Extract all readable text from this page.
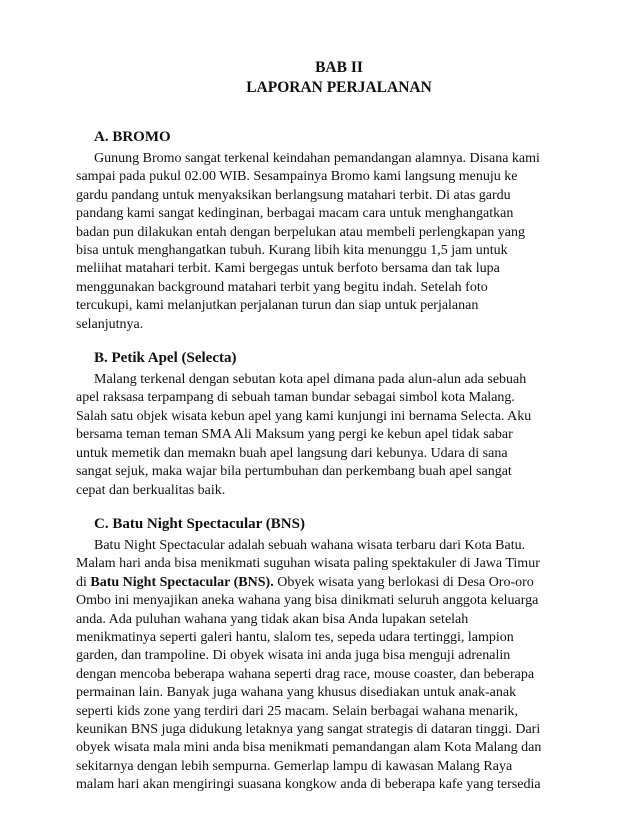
BAB II
LAPORAN PERJALANAN
A. BROMO
Gunung Bromo sangat terkenal keindahan pemandangan alamnya. Disana kami
sampai pada pukul 02.00 WIB. Sesampainya Bromo kami langsung menuju ke
gardu pandang untuk menyaksikan berlangsung matahari terbit. Di atas gardu
pandang kami sangat kedinginan, berbagai macam cara untuk menghangatkan
badan pun dilakukan entah dengan berpelukan atau membeli perlengkapan yang
bisa untuk menghangatkan tubuh. Kurang libih kita menunggu 1,5 jam untuk
meliihat matahari terbit. Kami bergegas untuk berfoto bersama dan tak lupa
menggunakan background matahari terbit yang begitu indah. Setelah foto
tercukupi, kami melanjutkan perjalanan turun dan siap untuk perjalanan
selanjutnya.
B. Petik Apel (Selecta)
Malang terkenal dengan sebutan kota apel dimana pada alun-alun ada sebuah
apel raksasa terpampang di sebuah taman bundar sebagai simbol kota Malang.
Salah satu objek wisata kebun apel yang kami kunjungi ini bernama Selecta. Aku
bersama teman teman SMA Ali Maksum yang pergi ke kebun apel tidak sabar
untuk memetik dan memakn buah apel langsung dari kebunya. Udara di sana
sangat sejuk, maka wajar bila pertumbuhan dan perkembang buah apel sangat
cepat dan berkualitas baik.
C. Batu Night Spectacular (BNS)
Batu Night Spectacular adalah sebuah wahana wisata terbaru dari Kota Batu.
Malam hari anda bisa menikmati suguhan wisata paling spektakuler di Jawa Timur
di Batu Night Spectacular (BNS). Obyek wisata yang berlokasi di Desa Oro-oro
Ombo ini menyajikan aneka wahana yang bisa dinikmati seluruh anggota keluarga
anda. Ada puluhan wahana yang tidak akan bisa Anda lupakan setelah
menikmatinya seperti galeri hantu, slalom tes, sepeda udara tertinggi, lampion
garden, dan trampoline. Di obyek wisata ini anda juga bisa menguji adrenalin
dengan mencoba beberapa wahana seperti drag race, mouse coaster, dan beberapa
permainan lain. Banyak juga wahana yang khusus disediakan untuk anak-anak
seperti kids zone yang terdiri dari 25 macam. Selain berbagai wahana menarik,
keunikan BNS juga didukung letaknya yang sangat strategis di dataran tinggi. Dari
obyek wisata mala mini anda bisa menikmati pemandangan alam Kota Malang dan
sekitarnya dengan lebih sempurna. Gemerlap lampu di kawasan Malang Raya
malam hari akan mengiringi suasana kongkow anda di beberapa kafe yang tersedia
